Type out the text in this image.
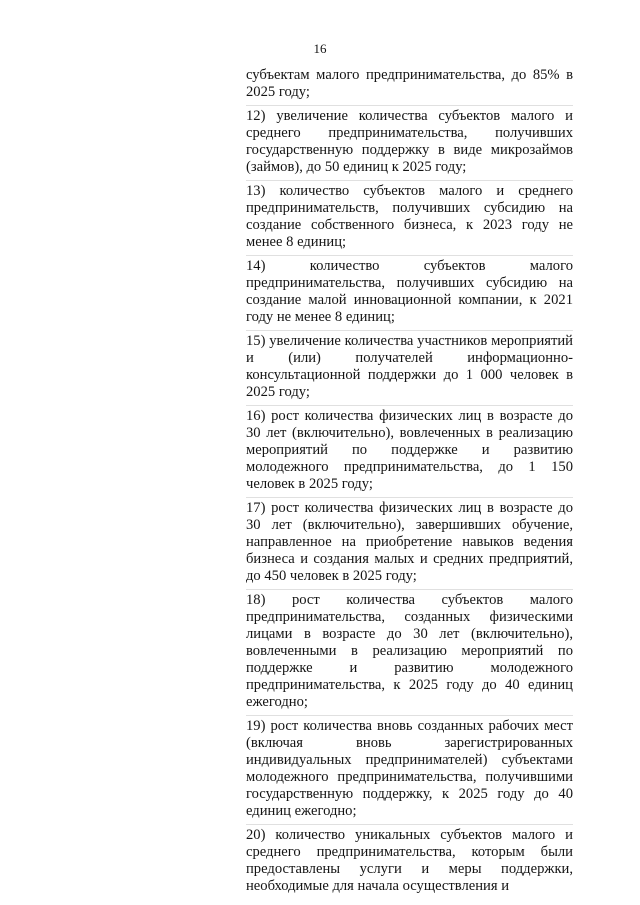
16

субъектам малого предпринимательства, до 85% в 2025 году;

12) увеличение количества субъектов малого и среднего предпринимательства, получивших государственную поддержку в виде микрозаймов (займов), до 50 единиц к 2025 году;

13) количество субъектов малого и среднего предпринимательств, получивших субсидию на создание собственного бизнеса, к 2023 году не менее 8 единиц;

14) количество субъектов малого предпринимательства, получивших субсидию на создание малой инновационной компании, к 2021 году не менее 8 единиц;

15) увеличение количества участников мероприятий и (или) получателей информационно-консультационной поддержки до 1 000 человек в 2025 году;

16) рост количества физических лиц в возрасте до 30 лет (включительно), вовлеченных в реализацию мероприятий по поддержке и развитию молодежного предпринимательства, до 1 150 человек в 2025 году;

17) рост количества физических лиц в возрасте до 30 лет (включительно), завершивших обучение, направленное на приобретение навыков ведения бизнеса и создания малых и средних предприятий, до 450 человек в 2025 году;

18) рост количества субъектов малого предпринимательства, созданных физическими лицами в возрасте до 30 лет (включительно), вовлеченными в реализацию мероприятий по поддержке и развитию молодежного предпринимательства, к 2025 году до 40 единиц ежегодно;

19) рост количества вновь созданных рабочих мест (включая вновь зарегистрированных индивидуальных предпринимателей) субъектами молодежного предпринимательства, получившими государственную поддержку, к 2025 году до 40 единиц ежегодно;

20) количество уникальных субъектов малого и среднего предпринимательства, которым были предоставлены услуги и меры поддержки, необходимые для начала осуществления и
